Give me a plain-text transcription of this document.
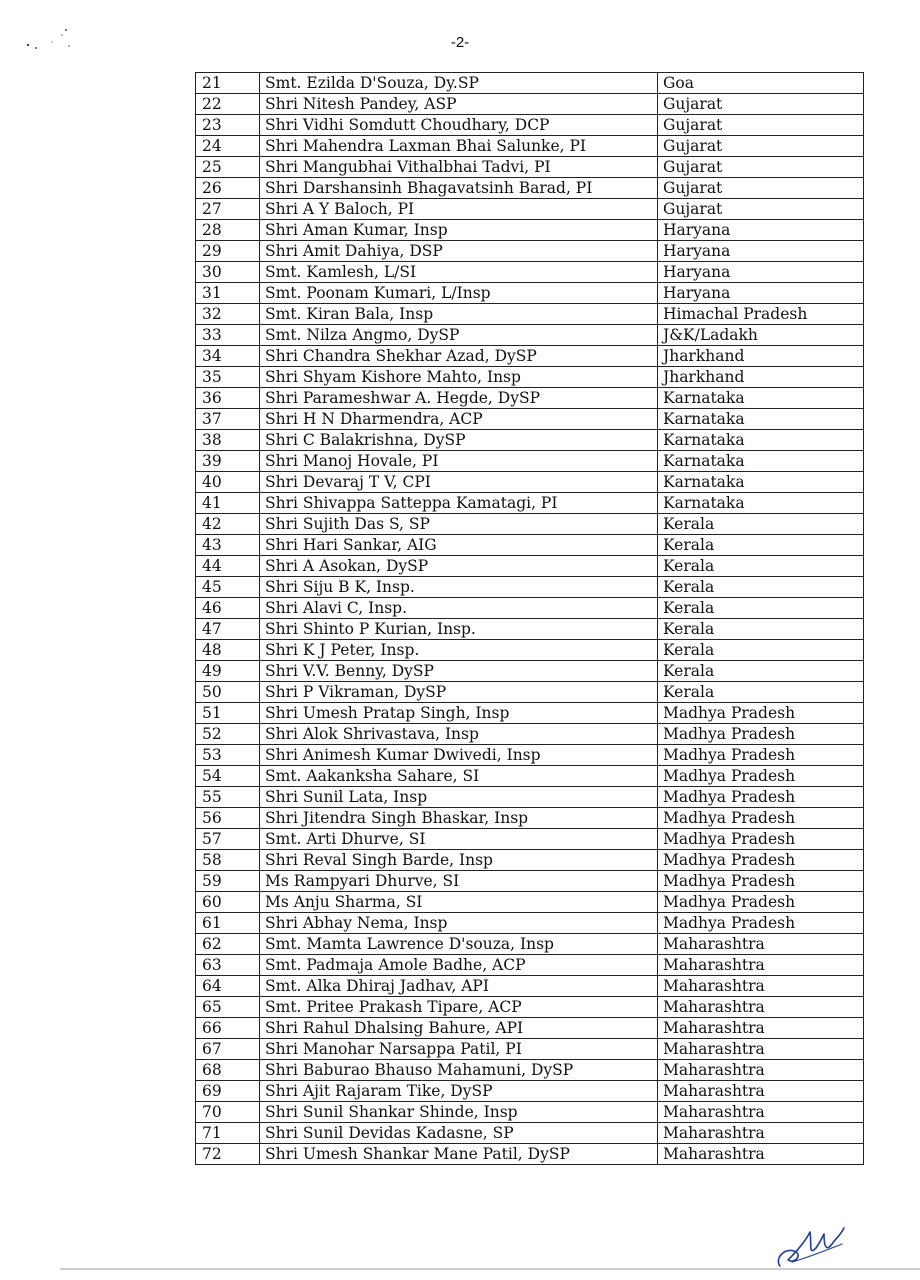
-2-
21	Smt. Ezilda D'Souza, Dy.SP	Goa
22	Shri Nitesh Pandey, ASP	Gujarat
23	Shri Vidhi Somdutt Choudhary, DCP	Gujarat
24	Shri Mahendra Laxman Bhai Salunke, PI	Gujarat
25	Shri Mangubhai Vithalbhai Tadvi, PI	Gujarat
26	Shri Darshansinh Bhagavatsinh Barad, PI	Gujarat
27	Shri A Y Baloch, PI	Gujarat
28	Shri Aman Kumar, Insp	Haryana
29	Shri Amit Dahiya, DSP	Haryana
30	Smt. Kamlesh, L/SI	Haryana
31	Smt. Poonam Kumari, L/Insp	Haryana
32	Smt. Kiran Bala, Insp	Himachal Pradesh
33	Smt. Nilza Angmo, DySP	J&K/Ladakh
34	Shri Chandra Shekhar Azad, DySP	Jharkhand
35	Shri Shyam Kishore Mahto, Insp	Jharkhand
36	Shri Parameshwar A. Hegde, DySP	Karnataka
37	Shri H N Dharmendra, ACP	Karnataka
38	Shri C Balakrishna, DySP	Karnataka
39	Shri Manoj Hovale, PI	Karnataka
40	Shri Devaraj T V, CPI	Karnataka
41	Shri Shivappa Satteppa Kamatagi, PI	Karnataka
42	Shri Sujith Das S, SP	Kerala
43	Shri Hari Sankar, AIG	Kerala
44	Shri A Asokan, DySP	Kerala
45	Shri Siju B K, Insp.	Kerala
46	Shri Alavi C, Insp.	Kerala
47	Shri Shinto P Kurian, Insp.	Kerala
48	Shri K J Peter, Insp.	Kerala
49	Shri V.V. Benny, DySP	Kerala
50	Shri P Vikraman, DySP	Kerala
51	Shri Umesh Pratap Singh, Insp	Madhya Pradesh
52	Shri Alok Shrivastava, Insp	Madhya Pradesh
53	Shri Animesh Kumar Dwivedi, Insp	Madhya Pradesh
54	Smt. Aakanksha Sahare, SI	Madhya Pradesh
55	Shri Sunil Lata, Insp	Madhya Pradesh
56	Shri Jitendra Singh Bhaskar, Insp	Madhya Pradesh
57	Smt. Arti Dhurve, SI	Madhya Pradesh
58	Shri Reval Singh Barde, Insp	Madhya Pradesh
59	Ms Rampyari Dhurve, SI	Madhya Pradesh
60	Ms Anju Sharma, SI	Madhya Pradesh
61	Shri Abhay Nema, Insp	Madhya Pradesh
62	Smt. Mamta Lawrence D'souza, Insp	Maharashtra
63	Smt. Padmaja Amole Badhe, ACP	Maharashtra
64	Smt. Alka Dhiraj Jadhav, API	Maharashtra
65	Smt. Pritee Prakash Tipare, ACP	Maharashtra
66	Shri Rahul Dhalsing Bahure, API	Maharashtra
67	Shri Manohar Narsappa Patil, PI	Maharashtra
68	Shri Baburao Bhauso Mahamuni, DySP	Maharashtra
69	Shri Ajit Rajaram Tike, DySP	Maharashtra
70	Shri Sunil Shankar Shinde, Insp	Maharashtra
71	Shri Sunil Devidas Kadasne, SP	Maharashtra
72	Shri Umesh Shankar Mane Patil, DySP	Maharashtra
